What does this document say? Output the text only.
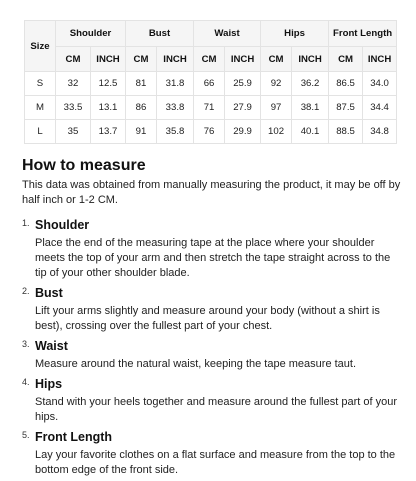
Size	Shoulder		Bust		Waist		Hips		Front Length	
	CM	INCH	CM	INCH	CM	INCH	CM	INCH	CM	INCH
S	32	12.5	81	31.8	66	25.9	92	36.2	86.5	34.0
M	33.5	13.1	86	33.8	71	27.9	97	38.1	87.5	34.4
L	35	13.7	91	35.8	76	29.9	102	40.1	88.5	34.8
How to measure

This data was obtained from manually measuring the product, it may be off by half inch or 1-2 CM.

1. Shoulder
Place the end of the measuring tape at the place where your shoulder meets the top of your arm and then stretch the tape straight across to the tip of your other shoulder blade.
2. Bust
Lift your arms slightly and measure around your body (without a shirt is best), crossing over the fullest part of your chest.
3. Waist
Measure around the natural waist, keeping the tape measure taut.
4. Hips
Stand with your heels together and measure around the fullest part of your hips.
5. Front Length
Lay your favorite clothes on a flat surface and measure from the top to the bottom edge of the front side.
